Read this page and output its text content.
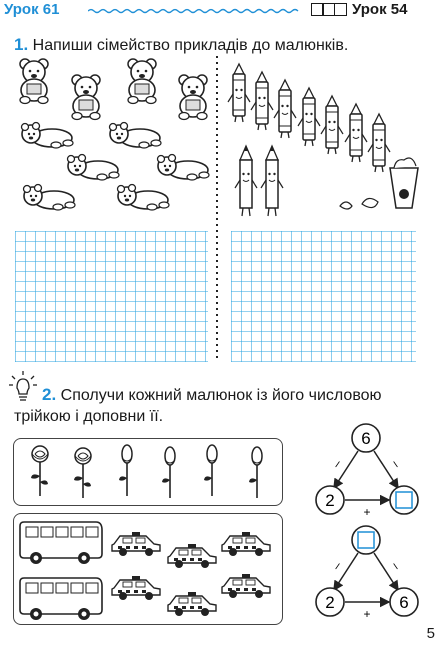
Урок 61	Урок 54
1. Напиши сімейство прикладів до малюнків.
2. Сполучи кожний малюнок із його числовою
трійкою і доповни її.
6
2
+
–	–
2	6
+
–	–
5
